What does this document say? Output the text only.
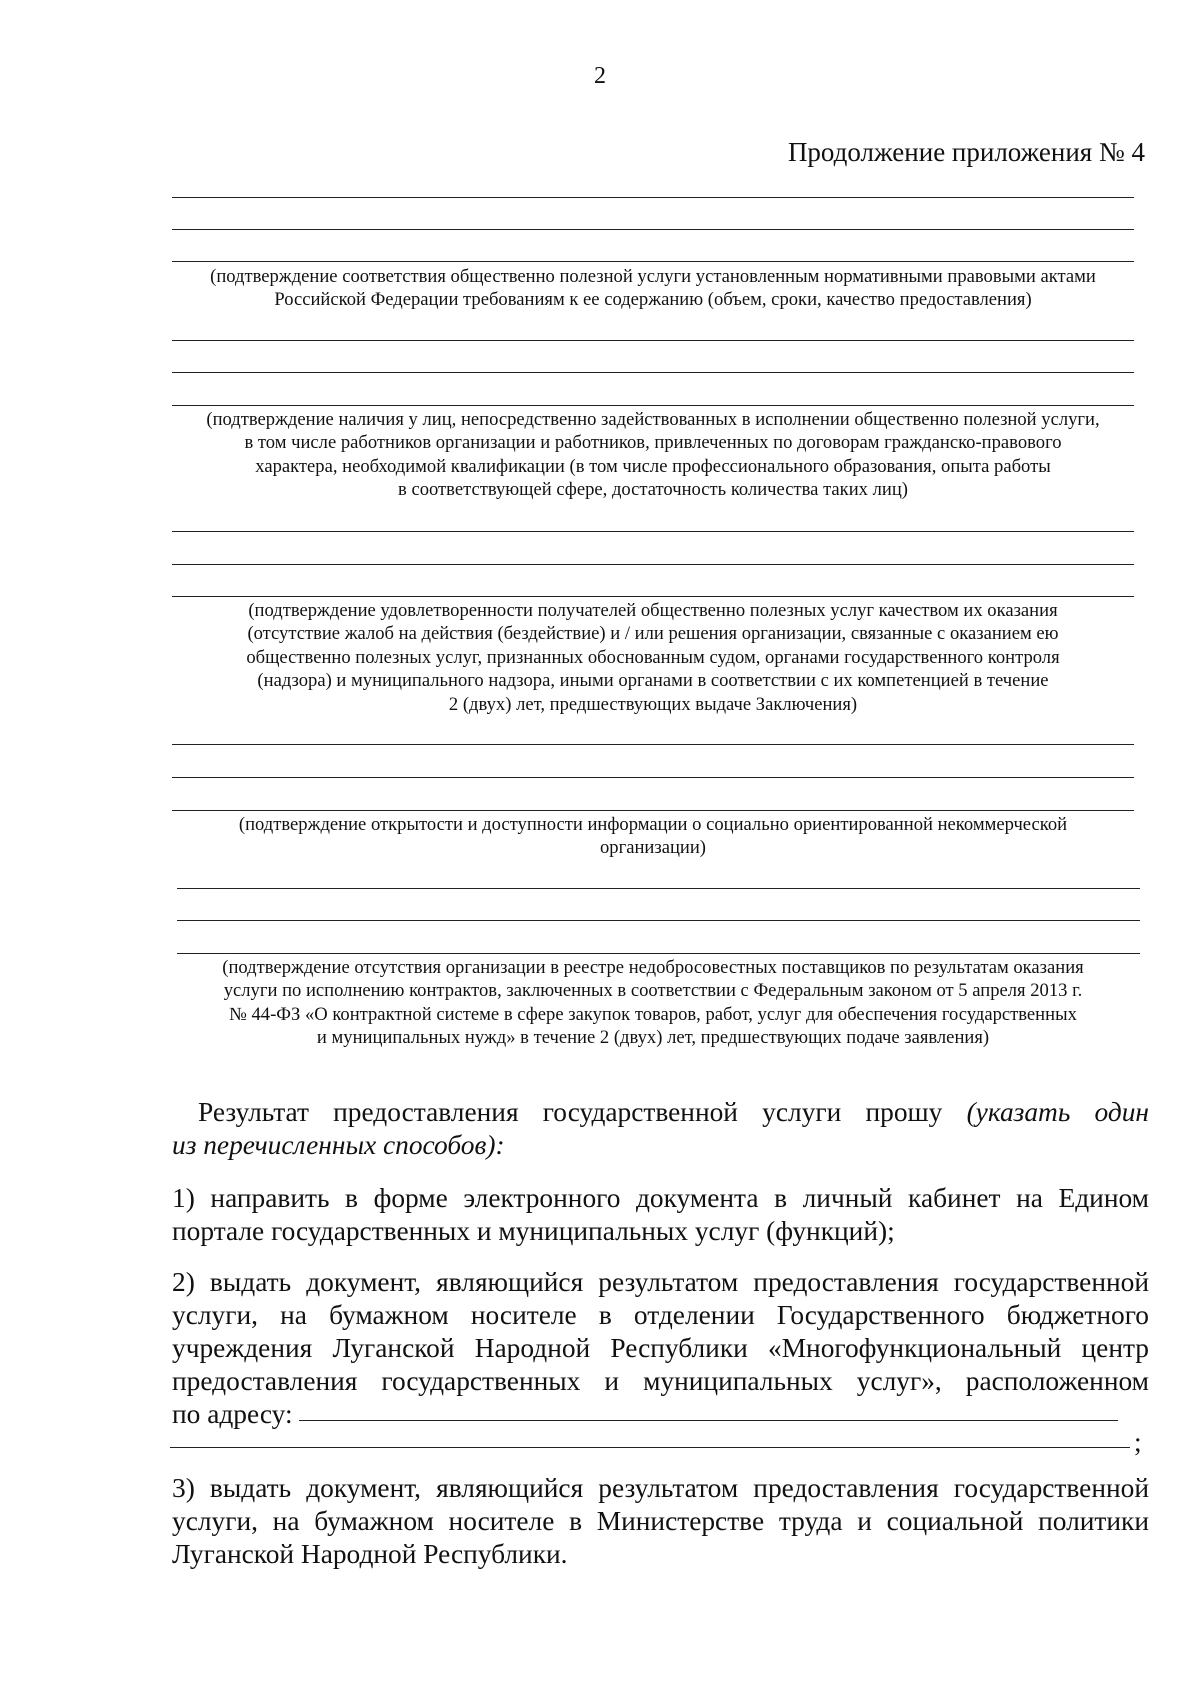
2
Продолжение приложения № 4
(подтверждение соответствия общественно полезной услуги установленным нормативными правовыми актами
Российской Федерации требованиям к ее содержанию (объем, сроки, качество предоставления)
(подтверждение наличия у лиц, непосредственно задействованных в исполнении общественно полезной услуги,
в том числе работников организации и работников, привлеченных по договорам гражданско-правового
характера, необходимой квалификации (в том числе профессионального образования, опыта работы
в соответствующей сфере, достаточность количества таких лиц)
(подтверждение удовлетворенности получателей общественно полезных услуг качеством их оказания
(отсутствие жалоб на действия (бездействие) и / или решения организации, связанные с оказанием ею
общественно полезных услуг, признанных обоснованным судом, органами государственного контроля
(надзора) и муниципального надзора, иными органами в соответствии с их компетенцией в течение
2 (двух) лет, предшествующих выдаче Заключения)
(подтверждение открытости и доступности информации о социально ориентированной некоммерческой
организации)
(подтверждение отсутствия организации в реестре недобросовестных поставщиков по результатам оказания
услуги по исполнению контрактов, заключенных в соответствии с Федеральным законом от 5 апреля 2013 г.
№ 44-ФЗ «О контрактной системе в сфере закупок товаров, работ, услуг для обеспечения государственных
и муниципальных нужд» в течение 2 (двух) лет, предшествующих подаче заявления)
Результат предоставления государственной услуги прошу (указать один
из перечисленных способов):
1) направить в форме электронного документа в личный кабинет на Едином
портале государственных и муниципальных услуг (функций);
2) выдать документ, являющийся результатом предоставления государственной
услуги, на бумажном носителе в отделении Государственного бюджетного
учреждения Луганской Народной Республики «Многофункциональный центр
предоставления государственных и муниципальных услуг», расположенном
по адресу:
;
3) выдать документ, являющийся результатом предоставления государственной
услуги, на бумажном носителе в Министерстве труда и социальной политики
Луганской Народной Республики.
